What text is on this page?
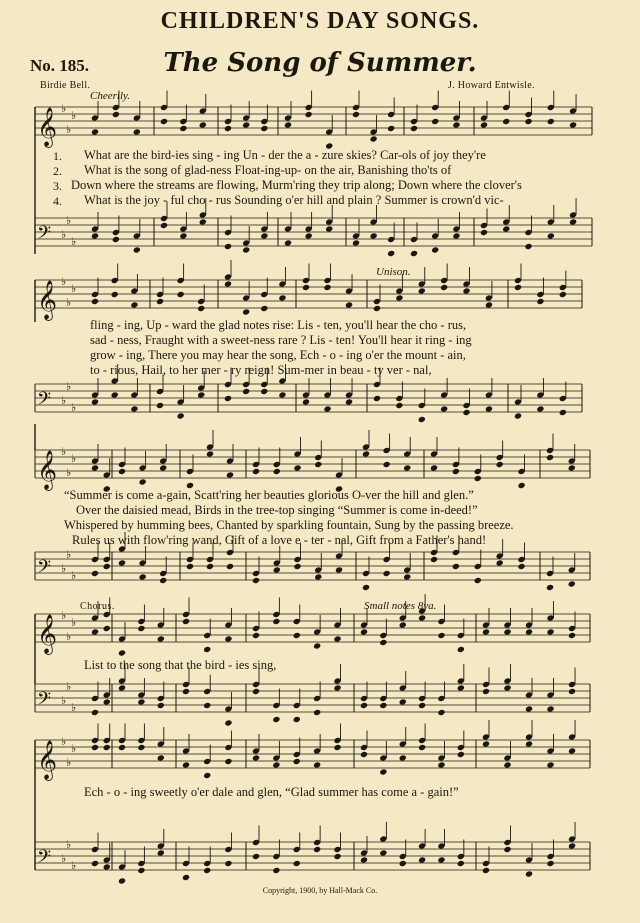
CHILDREN'S DAY SONGS.
No. 185.	The Song of Summer.
Birdie Bell.	J. Howard Entwisle.
Cheerily.
𝄞 ♭
♭
♭
𝄢 ♭
♭
♭
𝄞 ♭
♭
♭
𝄢 ♭
♭
♭
𝄞 ♭
♭
♭
𝄢 ♭
♭
♭
𝄞 ♭
♭
♭
𝄢 ♭
♭
♭
𝄞 ♭
♭
♭
𝄢 ♭
♭
♭
1.
2.
3.
4.
What are the bird-ies sing - ing Un - der the a - zure skies? Car-ols of joy they're
What is the song of glad-ness Float-ing-up- on the air, Banishing tho'ts of
Down where the streams are flowing, Murm'ring they trip along; Down where the clover's
What is the joy - ful cho - rus Sounding o'er hill and plain ? Summer is crown'd vic-
Unison.
fling - ing, Up - ward the glad notes rise: Lis - ten, you'll hear the cho - rus,
sad - ness, Fraught with a sweet-ness rare ? Lis - ten! You'll hear it ring - ing
grow - ing, There you may hear the song, Ech - o - ing o'er the mount - ain,
to - rious, Hail, to her mer - ry reign! Sum-mer in beau - ty ver - nal,
“Summer is come a-gain, Scatt'ring her beauties glorious O-ver the hill and glen.”
Over the daisied mead, Birds in the tree-top singing “Summer is come in-deed!”
Whispered by humming bees, Chanted by sparkling fountain, Sung by the passing breeze.
Rules us with flow'ring wand, Gift of a love e - ter - nal, Gift from a Father's hand!
Chorus.	Small notes 8va.
List to the song that the bird - ies sing,
Ech - o - ing sweetly o'er dale and glen, “Glad summer has come a - gain!”
Copyright, 1900, by Hall-Mack Co.
